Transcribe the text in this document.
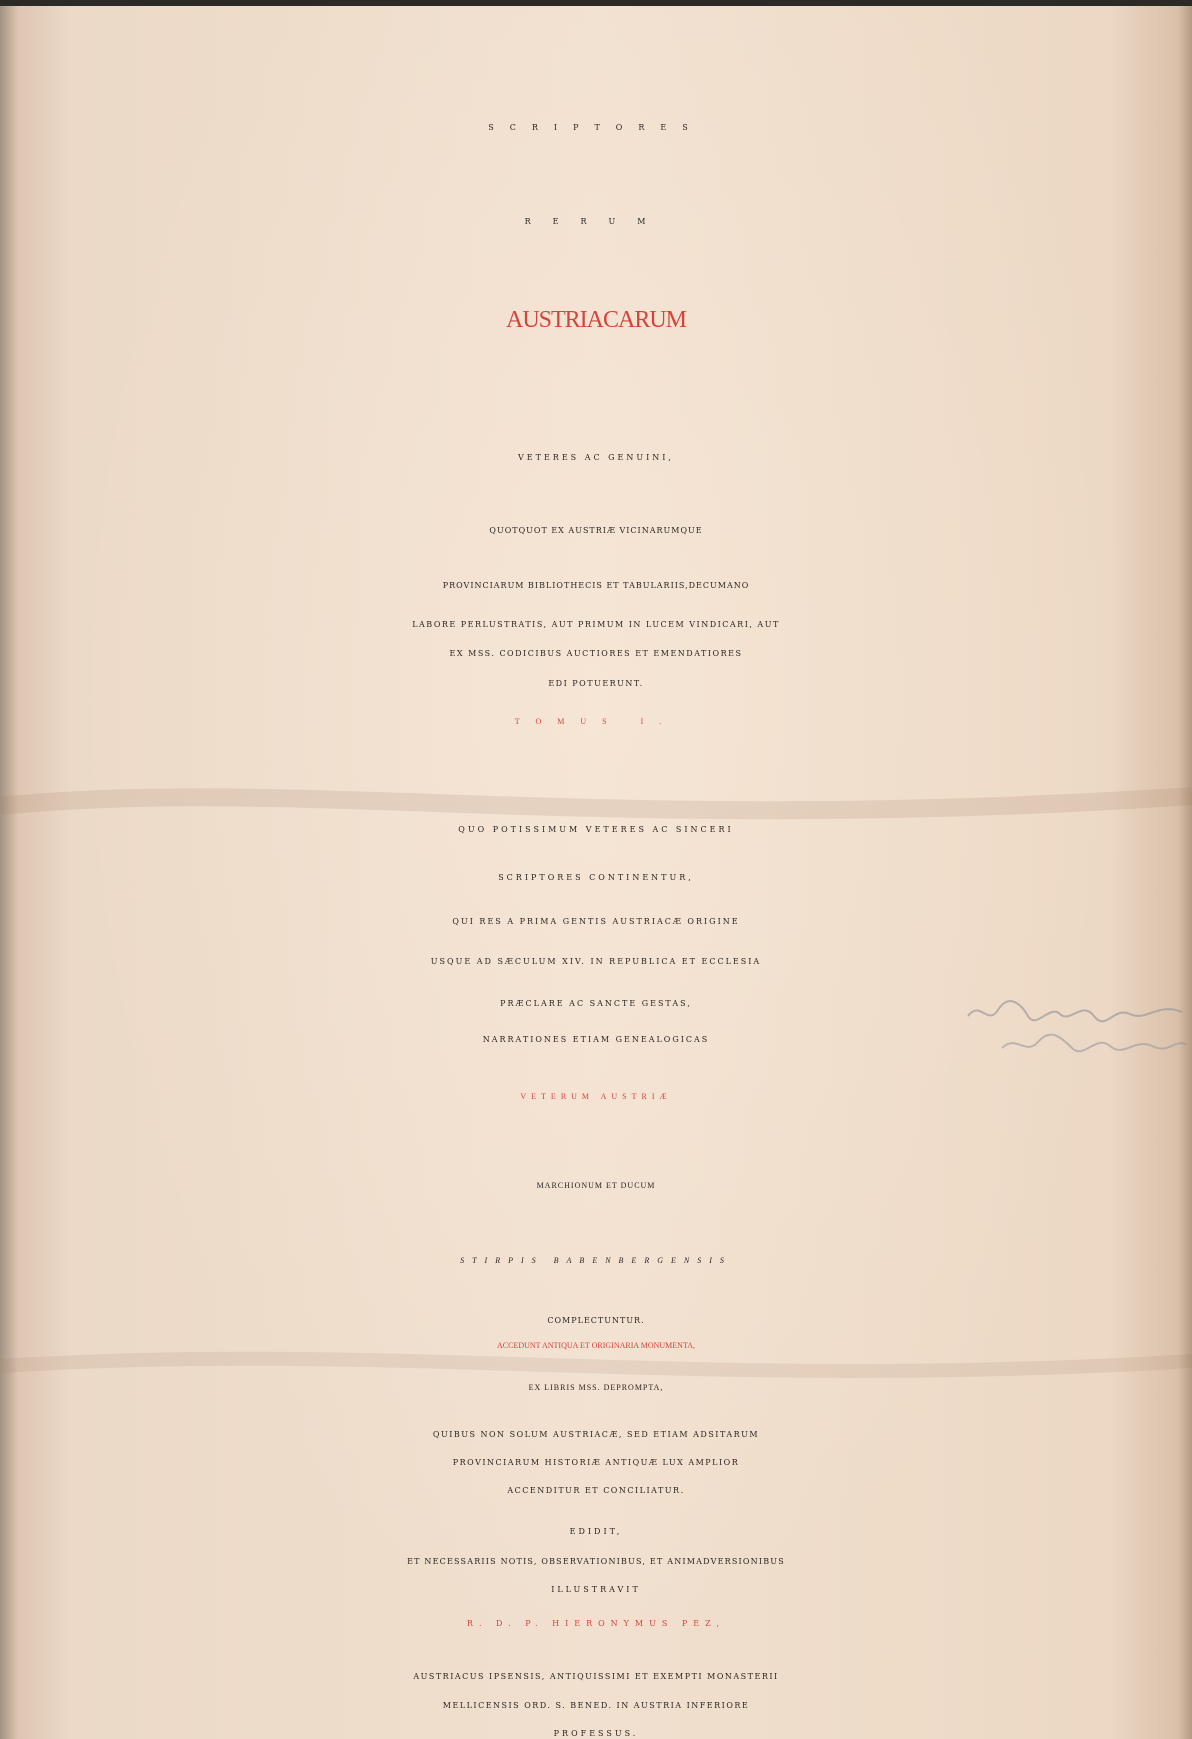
SCRIPTORES
RERUM
AUSTRIACARUM
VETERES AC GENUINI,
QUOTQUOT EX AUSTRIÆ VICINARUMQUE
PROVINCIARUM BIBLIOTHECIS ET TABULARIIS,DECUMANO
LABORE PERLUSTRATIS, AUT PRIMUM IN LUCEM VINDICARI, AUT
EX MSS. CODICIBUS AUCTIORES ET EMENDATIORES
EDI POTUERUNT.
TOMUS I.
QUO POTISSIMUM VETERES AC SINCERI
SCRIPTORES CONTINENTUR,
QUI RES A PRIMA GENTIS AUSTRIACÆ ORIGINE
USQUE AD SÆCULUM XIV. IN REPUBLICA ET ECCLESIA
PRÆCLARE AC SANCTE GESTAS,
NARRATIONES ETIAM GENEALOGICAS
VETERUM AUSTRIÆ
MARCHIONUM ET DUCUM
STIRPIS BABENBERGENSIS
COMPLECTUNTUR.
ACCEDUNT ANTIQUA ET ORIGINARIA MONUMENTA,
EX LIBRIS MSS. DEPROMPTA,
QUIBUS NON SOLUM AUSTRIACÆ, SED ETIAM ADSITARUM
PROVINCIARUM HISTORIÆ ANTIQUÆ LUX AMPLIOR
ACCENDITUR ET CONCILIATUR.
EDIDIT,
ET NECESSARIIS NOTIS, OBSERVATIONIBUS, ET ANIMADVERSIONIBUS
ILLUSTRAVIT
R. D. P. HIERONYMUS PEZ,
AUSTRIACUS IPSENSIS, ANTIQUISSIMI ET EXEMPTI MONASTERII
MELLICENSIS ORD. S. BENED. IN AUSTRIA INFERIORE
PROFESSUS.
